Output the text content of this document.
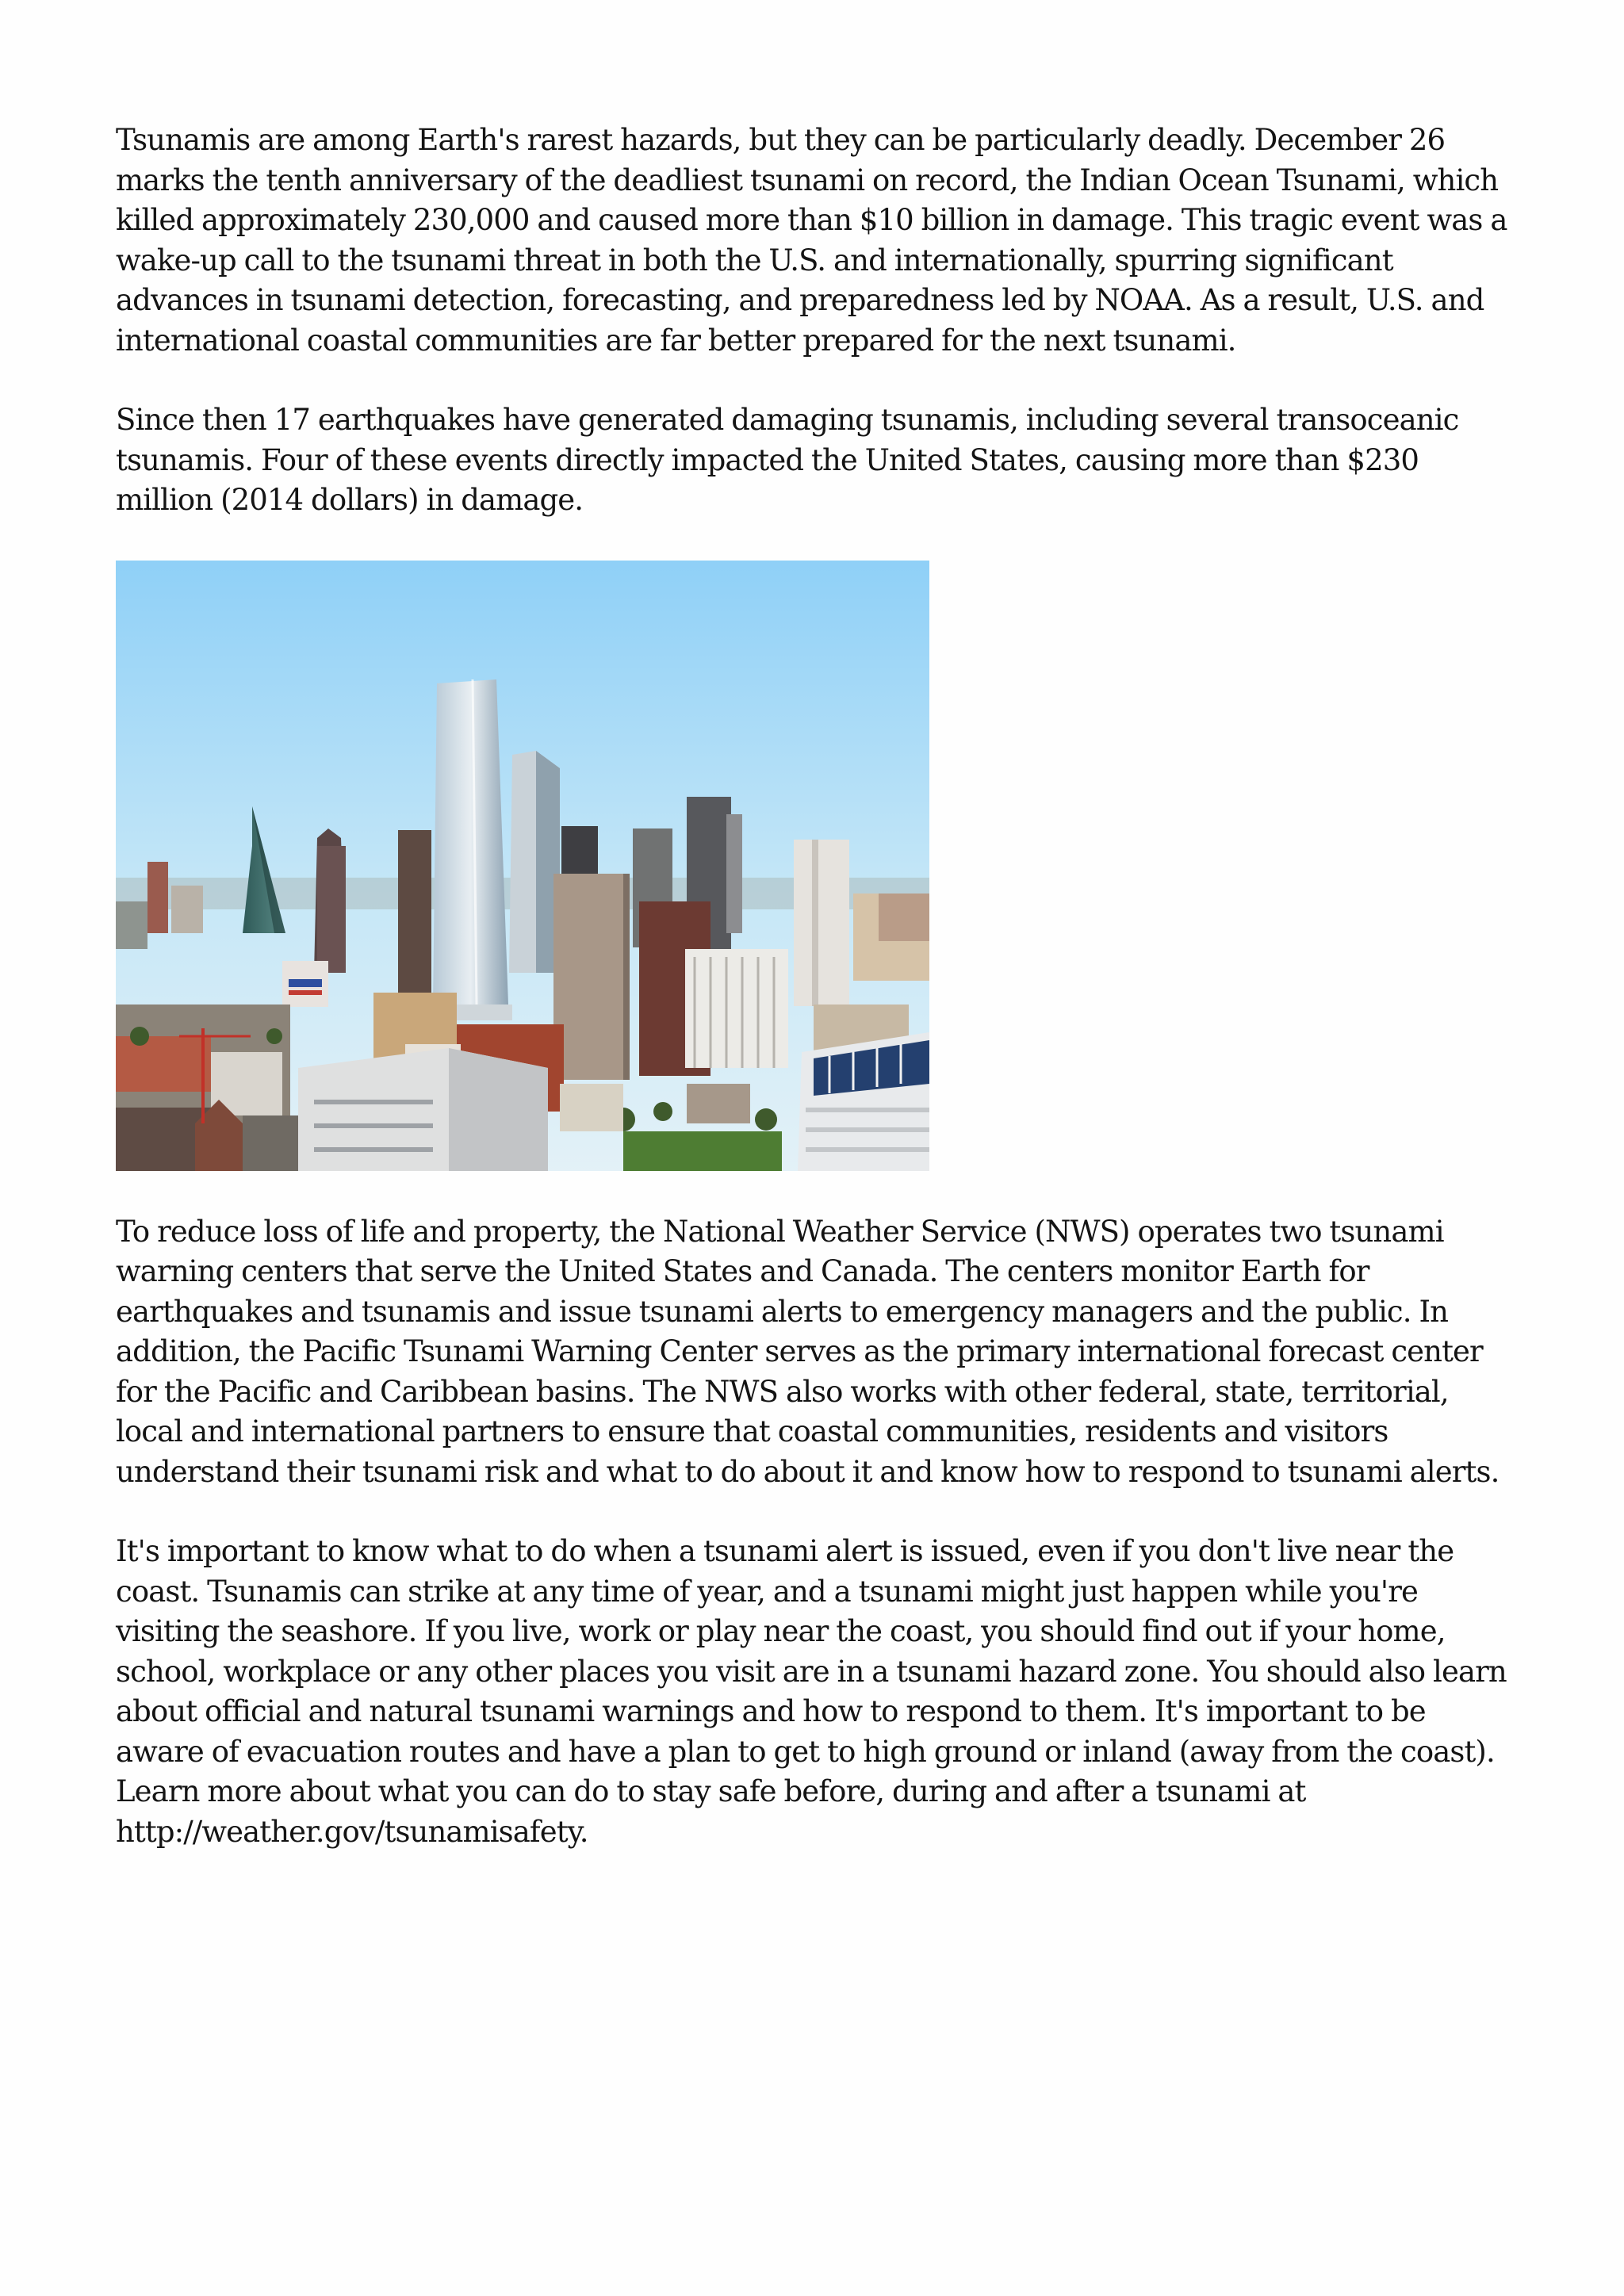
Tsunamis are among Earth's rarest hazards, but they can be particularly deadly. December 26 marks the tenth anniversary of the deadliest tsunami on record, the Indian Ocean Tsunami, which killed approximately 230,000 and caused more than $10 billion in damage. This tragic event was a wake-up call to the tsunami threat in both the U.S. and internationally, spurring significant advances in tsunami detection, forecasting, and preparedness led by NOAA. As a result, U.S. and international coastal communities are far better prepared for the next tsunami.

Since then 17 earthquakes have generated damaging tsunamis, including several transoceanic tsunamis. Four of these events directly impacted the United States, causing more than $230 million (2014 dollars) in damage.

To reduce loss of life and property, the National Weather Service (NWS) operates two tsunami warning centers that serve the United States and Canada. The centers monitor Earth for earthquakes and tsunamis and issue tsunami alerts to emergency managers and the public. In addition, the Pacific Tsunami Warning Center serves as the primary international forecast center for the Pacific and Caribbean basins. The NWS also works with other federal, state, territorial, local and international partners to ensure that coastal communities, residents and visitors understand their tsunami risk and what to do about it and know how to respond to tsunami alerts.

It's important to know what to do when a tsunami alert is issued, even if you don't live near the coast. Tsunamis can strike at any time of year, and a tsunami might just happen while you're visiting the seashore. If you live, work or play near the coast, you should find out if your home, school, workplace or any other places you visit are in a tsunami hazard zone. You should also learn about official and natural tsunami warnings and how to respond to them. It's important to be aware of evacuation routes and have a plan to get to high ground or inland (away from the coast). Learn more about what you can do to stay safe before, during and after a tsunami at http://weather.gov/tsunamisafety.
